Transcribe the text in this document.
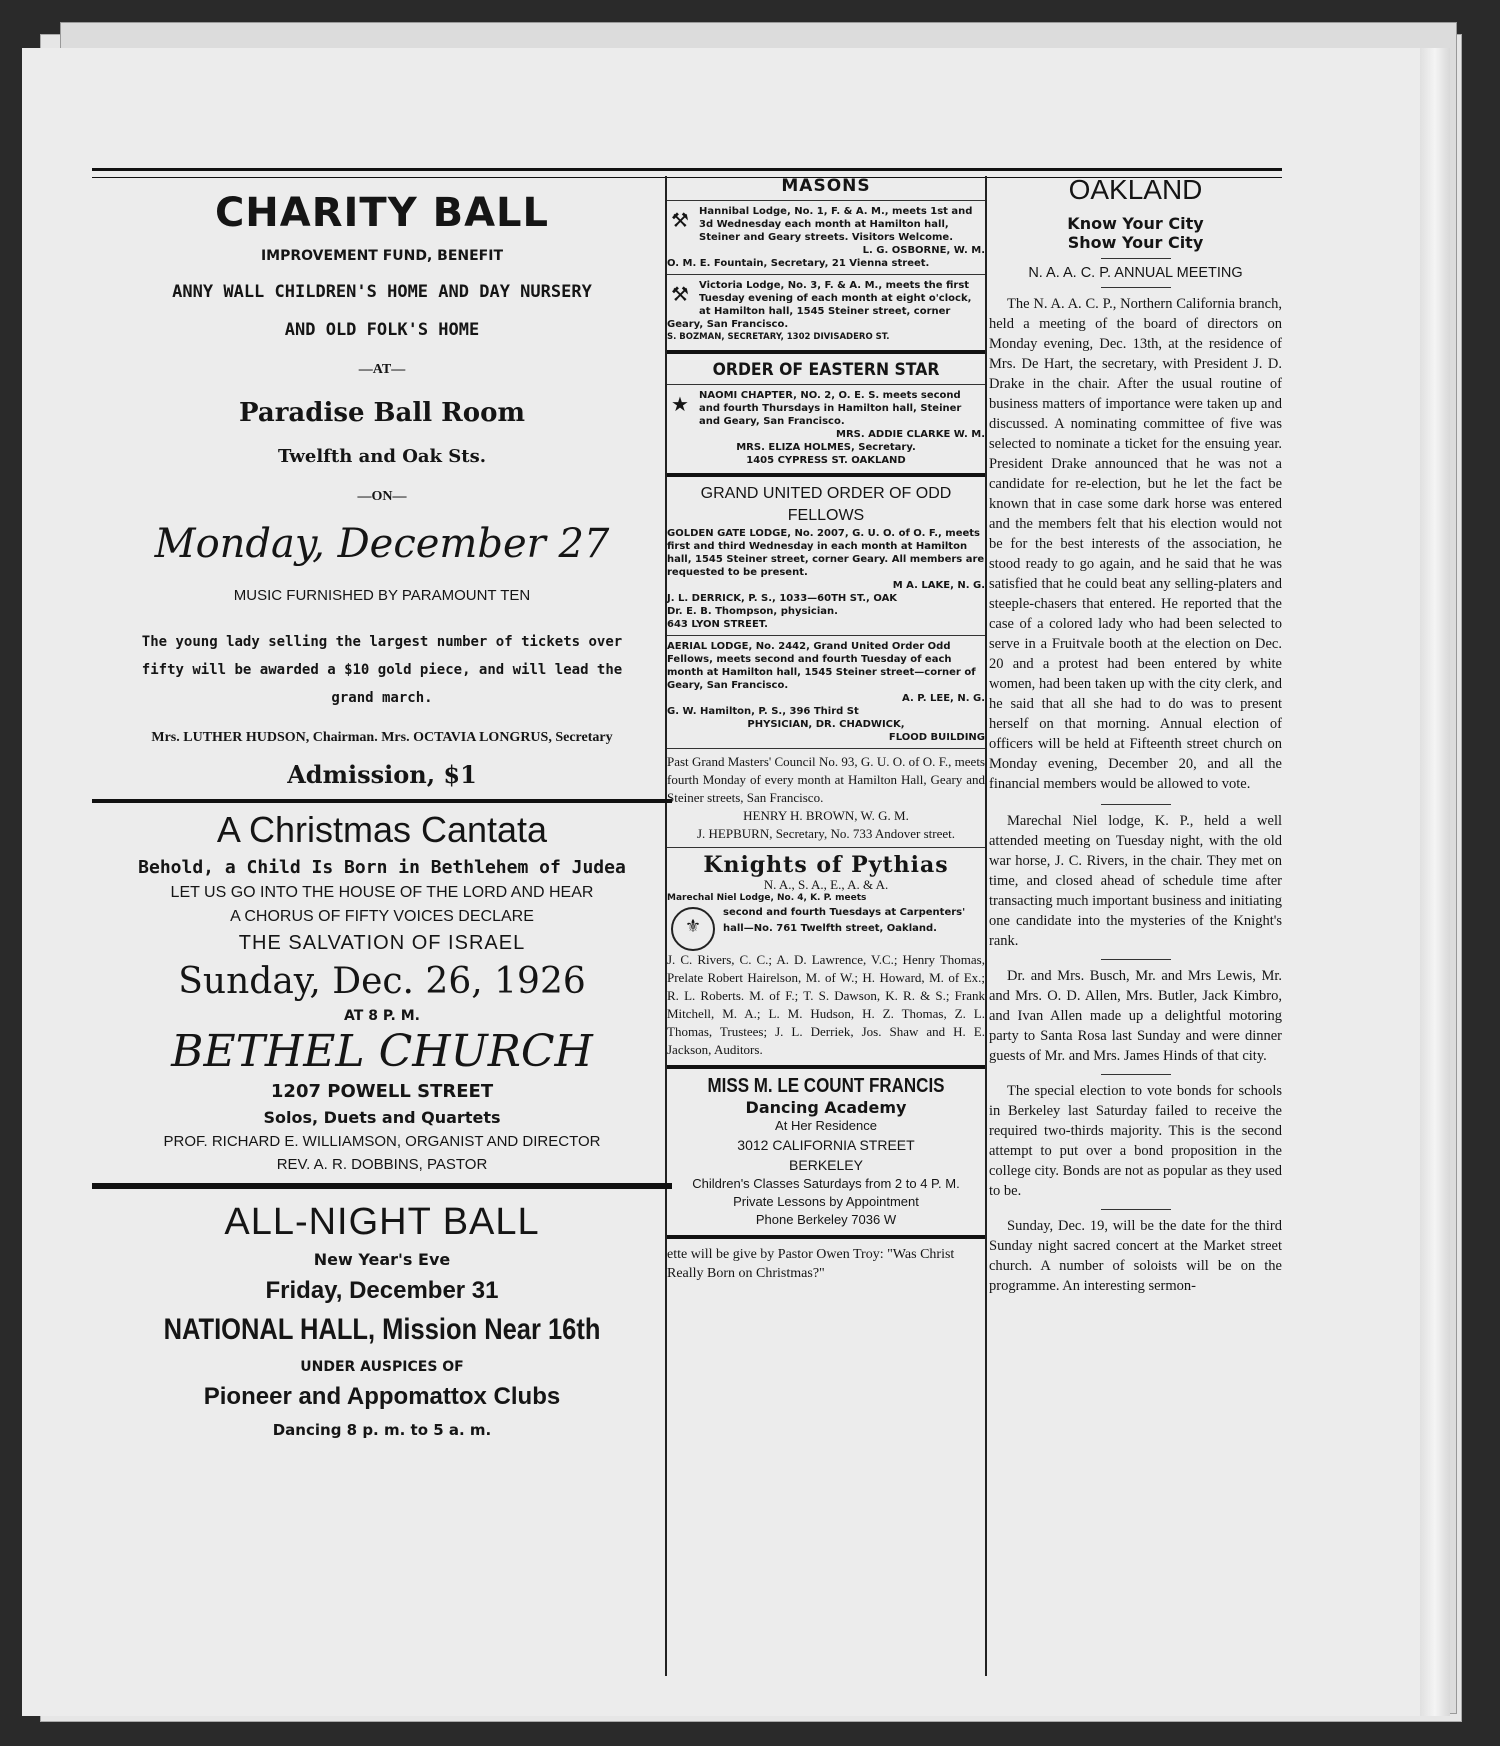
CHARITY BALL
IMPROVEMENT FUND, BENEFIT
ANNY WALL CHILDREN'S HOME AND DAY NURSERY
AND OLD FOLK'S HOME
—AT—
Paradise Ball Room
Twelfth and Oak Sts.
—ON—
Monday, December 27
MUSIC FURNISHED BY PARAMOUNT TEN
The young lady selling the largest number of tickets over fifty will be awarded a $10 gold piece, and will lead the grand march.
Mrs. LUTHER HUDSON, Chairman. Mrs. OCTAVIA LONGRUS, Secretary
Admission, $1
A Christmas Cantata
Behold, a Child Is Born in Bethlehem of Judea
LET US GO INTO THE HOUSE OF THE LORD AND HEAR
A CHORUS OF FIFTY VOICES DECLARE
THE SALVATION OF ISRAEL
Sunday, Dec. 26, 1926
AT 8 P. M.
BETHEL CHURCH
1207 POWELL STREET
Solos, Duets and Quartets
PROF. RICHARD E. WILLIAMSON, ORGANIST AND DIRECTOR
REV. A. R. DOBBINS, PASTOR
ALL-NIGHT BALL
New Year's Eve
Friday, December 31
NATIONAL HALL, Mission Near 16th
UNDER AUSPICES OF
Pioneer and Appomattox Clubs
Dancing 8 p. m. to 5 a. m.
MASONS
⚒	Hannibal Lodge, No. 1, F. & A. M., meets 1st and 3d Wednesday each month at Hamilton hall, Steiner and Geary streets. Visitors Welcome.
L. G. OSBORNE, W. M.
O. M. E. Fountain, Secretary, 21 Vienna street.
⚒	Victoria Lodge, No. 3, F. & A. M., meets the first Tuesday evening of each month at eight o'clock, at Hamilton hall, 1545 Steiner street, corner Geary, San Francisco.
S. BOZMAN, SECRETARY, 1302 DIVISADERO ST.
ORDER OF EASTERN STAR
★	NAOMI CHAPTER, NO. 2, O. E. S. meets second and fourth Thursdays in Hamilton hall, Steiner and Geary, San Francisco.
MRS. ADDIE CLARKE W. M.
MRS. ELIZA HOLMES, Secretary.
1405 CYPRESS ST. OAKLAND
GRAND UNITED ORDER OF ODD FELLOWS
GOLDEN GATE LODGE, No. 2007, G. U. O. of O. F., meets first and third Wednesday in each month at Hamilton hall, 1545 Steiner street, corner Geary. All members are requested to be present.
M A. LAKE, N. G.
J. L. DERRICK, P. S., 1033—60TH ST., OAK
Dr. E. B. Thompson, physician.
643 LYON STREET.
AERIAL LODGE, No. 2442, Grand United Order Odd Fellows, meets second and fourth Tuesday of each month at Hamilton hall, 1545 Steiner street—corner of Geary, San Francisco.
A. P. LEE, N. G.
G. W. Hamilton, P. S., 396 Third St
PHYSICIAN, DR. CHADWICK,
FLOOD BUILDING
Past Grand Masters' Council No. 93, G. U. O. of O. F., meets fourth Monday of every month at Hamilton Hall, Geary and Steiner streets, San Francisco.
HENRY H. BROWN, W. G. M.
J. HEPBURN, Secretary, No. 733 Andover street.
Knights of Pythias
N. A., S. A., E., A. & A.
Marechal Niel Lodge, No. 4, K. P. meets
⚜
second and fourth Tuesdays at Carpenters' hall—No. 761 Twelfth street, Oakland.
J. C. Rivers, C. C.; A. D. Lawrence, V.C.; Henry Thomas, Prelate Robert Hairelson, M. of W.; H. Howard, M. of Ex.; R. L. Roberts. M. of F.; T. S. Dawson, K. R. & S.; Frank Mitchell, M. A.; L. M. Hudson, H. Z. Thomas, Z. L. Thomas, Trustees; J. L. Derriek, Jos. Shaw and H. E. Jackson, Auditors.
MISS M. LE COUNT FRANCIS
Dancing Academy
At Her Residence
3012 CALIFORNIA STREET
BERKELEY
Children's Classes Saturdays from 2 to 4 P. M.
Private Lessons by Appointment
Phone Berkeley 7036 W
ette will be give by Pastor Owen Troy: "Was Christ Really Born on Christmas?"
OAKLAND
Know Your City
Show Your City
N. A. A. C. P. ANNUAL MEETING

The N. A. A. C. P., Northern California branch, held a meeting of the board of directors on Monday evening, Dec. 13th, at the residence of Mrs. De Hart, the secretary, with President J. D. Drake in the chair. After the usual routine of business matters of importance were taken up and discussed. A nominating committee of five was selected to nominate a ticket for the ensuing year. President Drake announced that he was not a candidate for re-election, but he let the fact be known that in case some dark horse was entered and the members felt that his election would not be for the best interests of the association, he stood ready to go again, and he said that he was satisfied that he could beat any selling-platers and steeple-chasers that entered. He reported that the case of a colored lady who had been selected to serve in a Fruitvale booth at the election on Dec. 20 and a protest had been entered by white women, had been taken up with the city clerk, and he said that all she had to do was to present herself on that morning. Annual election of officers will be held at Fifteenth street church on Monday evening, December 20, and all the financial members would be allowed to vote.

Marechal Niel lodge, K. P., held a well attended meeting on Tuesday night, with the old war horse, J. C. Rivers, in the chair. They met on time, and closed ahead of schedule time after transacting much important business and initiating one candidate into the mysteries of the Knight's rank.

Dr. and Mrs. Busch, Mr. and Mrs Lewis, Mr. and Mrs. O. D. Allen, Mrs. Butler, Jack Kimbro, and Ivan Allen made up a delightful motoring party to Santa Rosa last Sunday and were dinner guests of Mr. and Mrs. James Hinds of that city.

The special election to vote bonds for schools in Berkeley last Saturday failed to receive the required two-thirds majority. This is the second attempt to put over a bond proposition in the college city. Bonds are not as popular as they used to be.

Sunday, Dec. 19, will be the date for the third Sunday night sacred concert at the Market street church. A number of soloists will be on the programme. An interesting sermon-
